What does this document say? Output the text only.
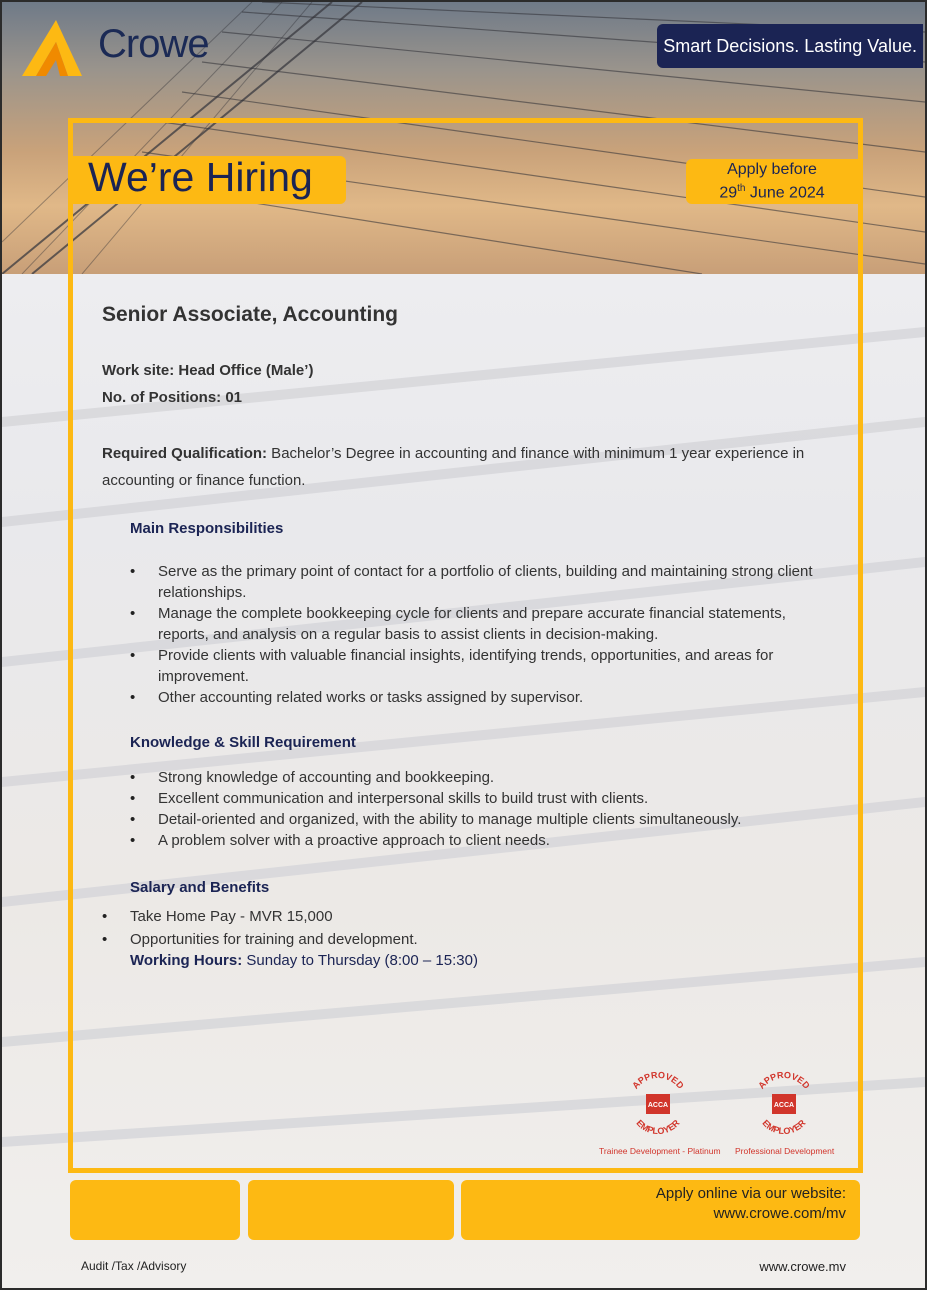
Crowe	Smart Decisions. Lasting Value.
We’re Hiring	Apply before
29th June 2024
Senior Associate, Accounting
Work site: Head Office (Male’)
No. of Positions: 01
Required Qualification: Bachelor’s Degree in accounting and finance with minimum 1 year experience in accounting or finance function.
Main Responsibilities
• Serve as the primary point of contact for a portfolio of clients, building and maintaining strong client relationships.
• Manage the complete bookkeeping cycle for clients and prepare accurate financial statements, reports, and analysis on a regular basis to assist clients in decision-making.
• Provide clients with valuable financial insights, identifying trends, opportunities, and areas for improvement.
• Other accounting related works or tasks assigned by supervisor.
Knowledge & Skill Requirement
• Strong knowledge of accounting and bookkeeping.
• Excellent communication and interpersonal skills to build trust with clients.
• Detail-oriented and organized, with the ability to manage multiple clients simultaneously.
• A problem solver with a proactive approach to client needs.
Salary and Benefits
• Take Home Pay - MVR 15,000
• Opportunities for training and development.
Working Hours: Sunday to Thursday (8:00 – 15:30)
APPROVED
EMPLOYER
ACCA
Trainee Development - Platinum
APPROVED
EMPLOYER
ACCA
Professional Development
Apply online via our website:
www.crowe.com/mv
Audit /Tax /Advisory	www.crowe.mv
